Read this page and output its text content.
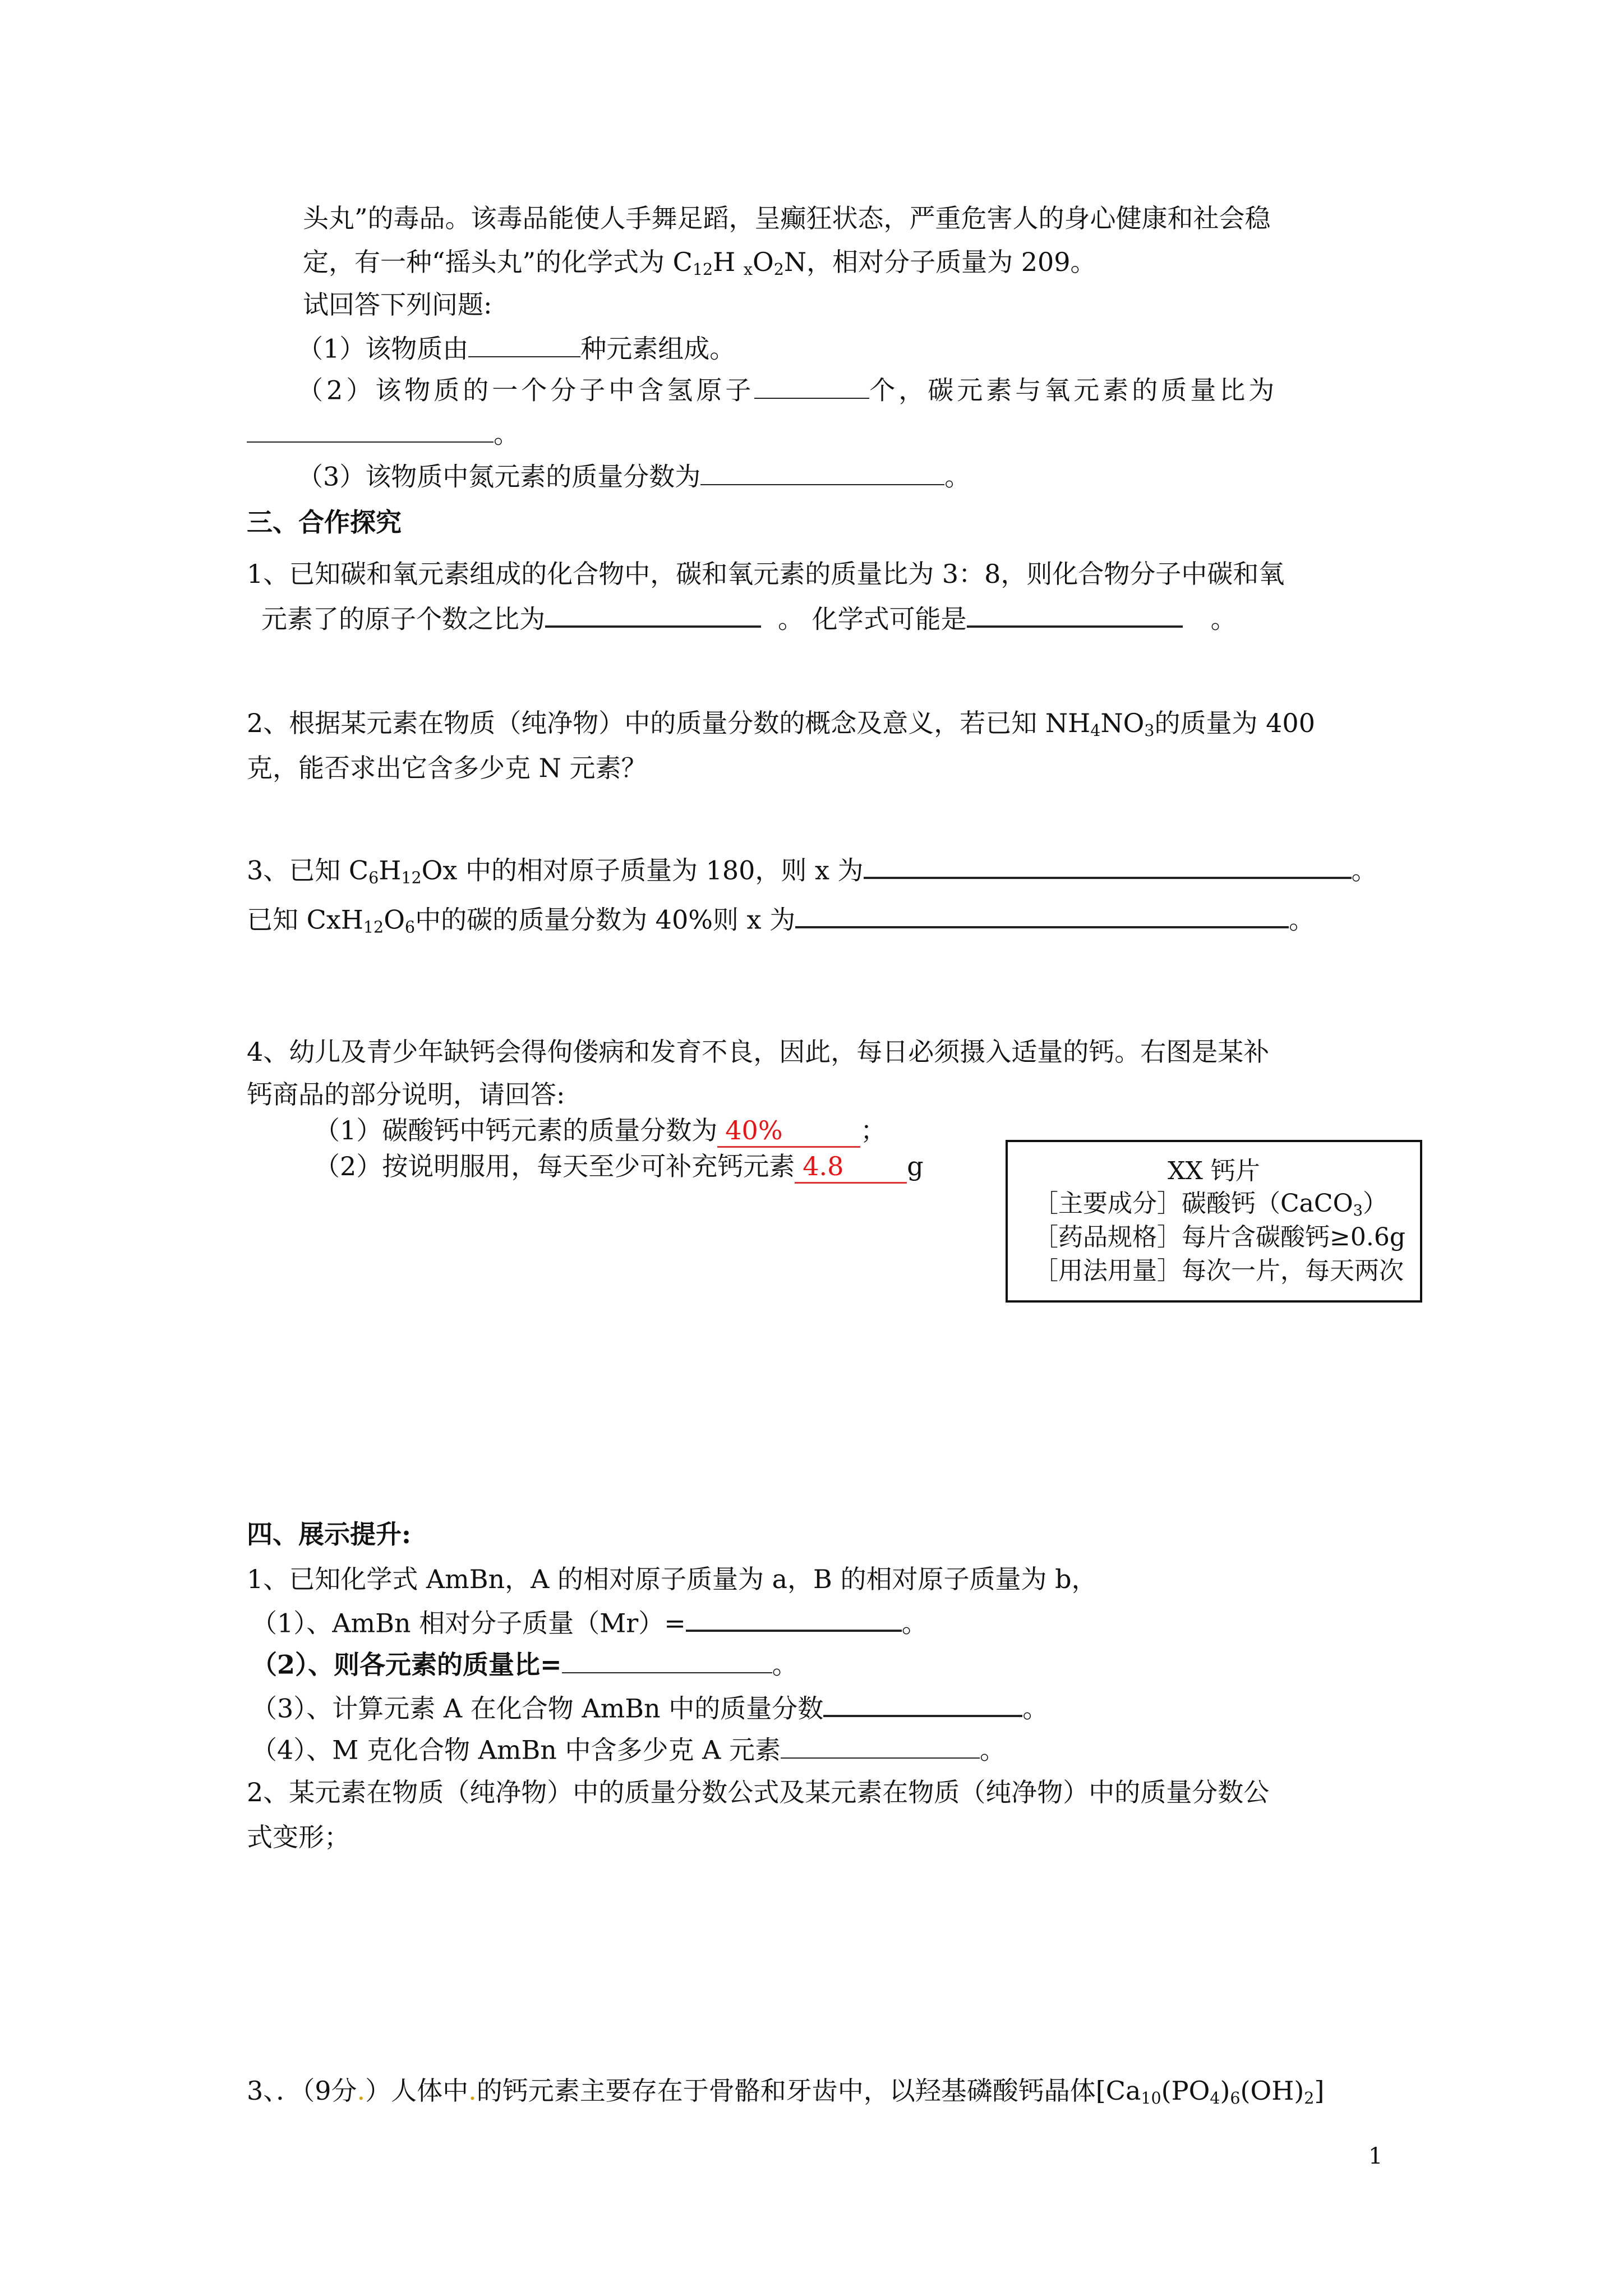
头丸”的毒品。该毒品能使人手舞足蹈，呈癫狂状态，严重危害人的身心健康和社会稳
定，有一种“摇头丸”的化学式为 $C_{12}H$ $_xO_2N$，相对分子质量为 209。
试回答下列问题:
（1）该物质由	种元素组成。
（2）该物质的一个分子中含氢原子	个，碳元素与氧元素的质量比为
。
（3）该物质中氮元素的质量分数为	。
三、合作探究
1、已知碳和氧元素组成的化合物中，碳和氧元素的质量比为 3：8，则化合物分子中碳和氧
元素了的原子个数之比为	。 化学式可能是	。
2、根据某元素在物质（纯净物）中的质量分数的概念及意义，若已知 $NH_4NO_3$的质量为 400
克，能否求出它含多少克 N 元素？
3、已知 $C_6H_{12}Ox$ 中的相对原子质量为 180，则 x 为	。
已知 $CxH_{12}O_6$中的碳的质量分数为 40%则 x 为	。
4、幼儿及青少年缺钙会得佝偻病和发育不良，因此，每日必须摄入适量的钙。右图是某补
钙商品的部分说明，请回答:
（1）碳酸钙中钙元素的质量分数为 40%	；
（2）按说明服用，每天至少可补充钙元素 4.8 g	XX 钙片
［主要成分］碳酸钙（CaCO$_3$）
［药品规格］每片含碳酸钙≥0.6g
［用法用量］每次一片，每天两次
四、展示提升:
1、已知化学式 AmBn，A 的相对原子质量为 a，B 的相对原子质量为 b，
（1）、AmBn 相对分子质量（Mr）=	。
（2）、则各元素的质量比=	。
（3）、计算元素 A 在化合物 AmBn 中的质量分数	。
（4）、M 克化合物 AmBn 中含多少克 A 元素	。
2、某元素在物质（纯净物）中的质量分数公式及某元素在物质（纯净物）中的质量分数公
式变形；
3、．（9分.）人体中.的钙元素主要存在于骨骼和牙齿中，以羟基磷酸钙晶体$[Ca_{10}(PO_4)_6(OH)_2]$
1
